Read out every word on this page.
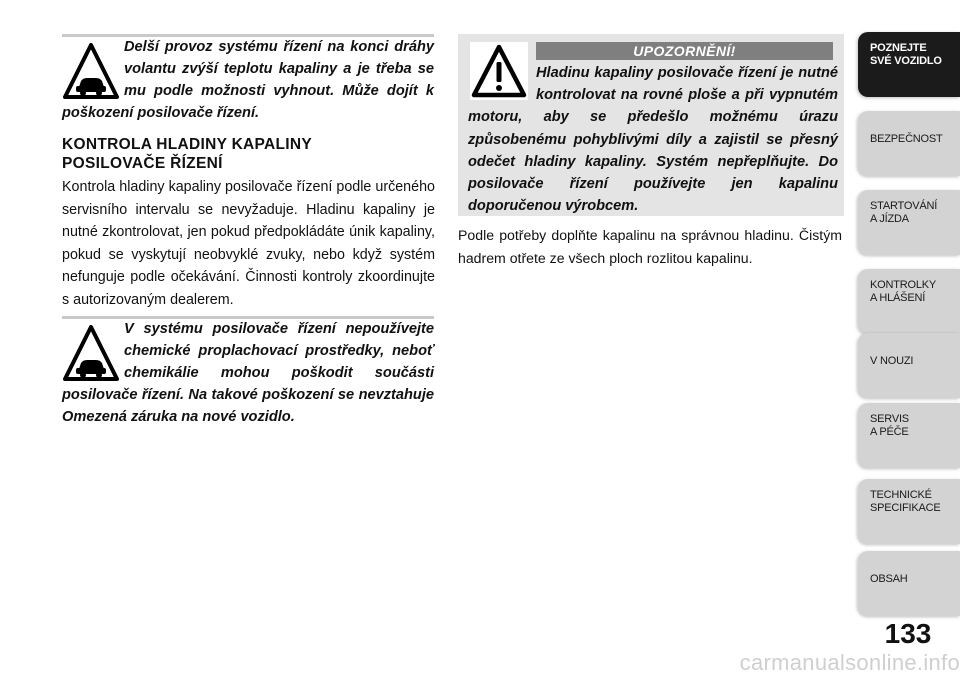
Delší provoz systému řízení na konci dráhy volantu zvýší teplotu kapaliny a je třeba se mu podle možnosti vyhnout. Může dojít k poškození posilovače řízení.

KONTROLA HLADINY KAPALINY
POSILOVAČE ŘÍZENÍ

Kontrola hladiny kapaliny posilovače řízení podle určeného servisního intervalu se nevyžaduje. Hladinu kapaliny je nutné zkontrolovat, jen pokud předpokládáte únik kapaliny, pokud se vyskytují neobvyklé zvuky, nebo když systém nefunguje podle očekávání. Činnosti kontroly zkoordinujte s autorizovaným dealerem.

V systému posilovače řízení nepoužívejte chemické proplachovací prostředky, neboť chemikálie mohou poškodit součásti posilovače řízení. Na takové poškození se nevztahuje Omezená záruka na nové vozidlo.

UPOZORNĚNÍ!

Hladinu kapaliny posilovače řízení je nutné kontrolovat na rovné ploše a při vypnutém motoru, aby se předešlo možnému úrazu způsobenému pohyblivými díly a zajistil se přesný odečet hladiny kapaliny. Systém nepřeplňujte. Do posilovače řízení používejte jen kapalinu doporučenou výrobcem.

Podle potřeby doplňte kapalinu na správnou hladinu. Čistým hadrem otřete ze všech ploch rozlitou kapalinu.

POZNEJTE
SVÉ VOZIDLO
BEZPEČNOST
STARTOVÁNÍ
A JÍZDA
KONTROLKY
A HLÁŠENÍ
V NOUZI
SERVIS
A PÉČE
TECHNICKÉ
SPECIFIKACE
OBSAH
133
carmanualsonline.info
